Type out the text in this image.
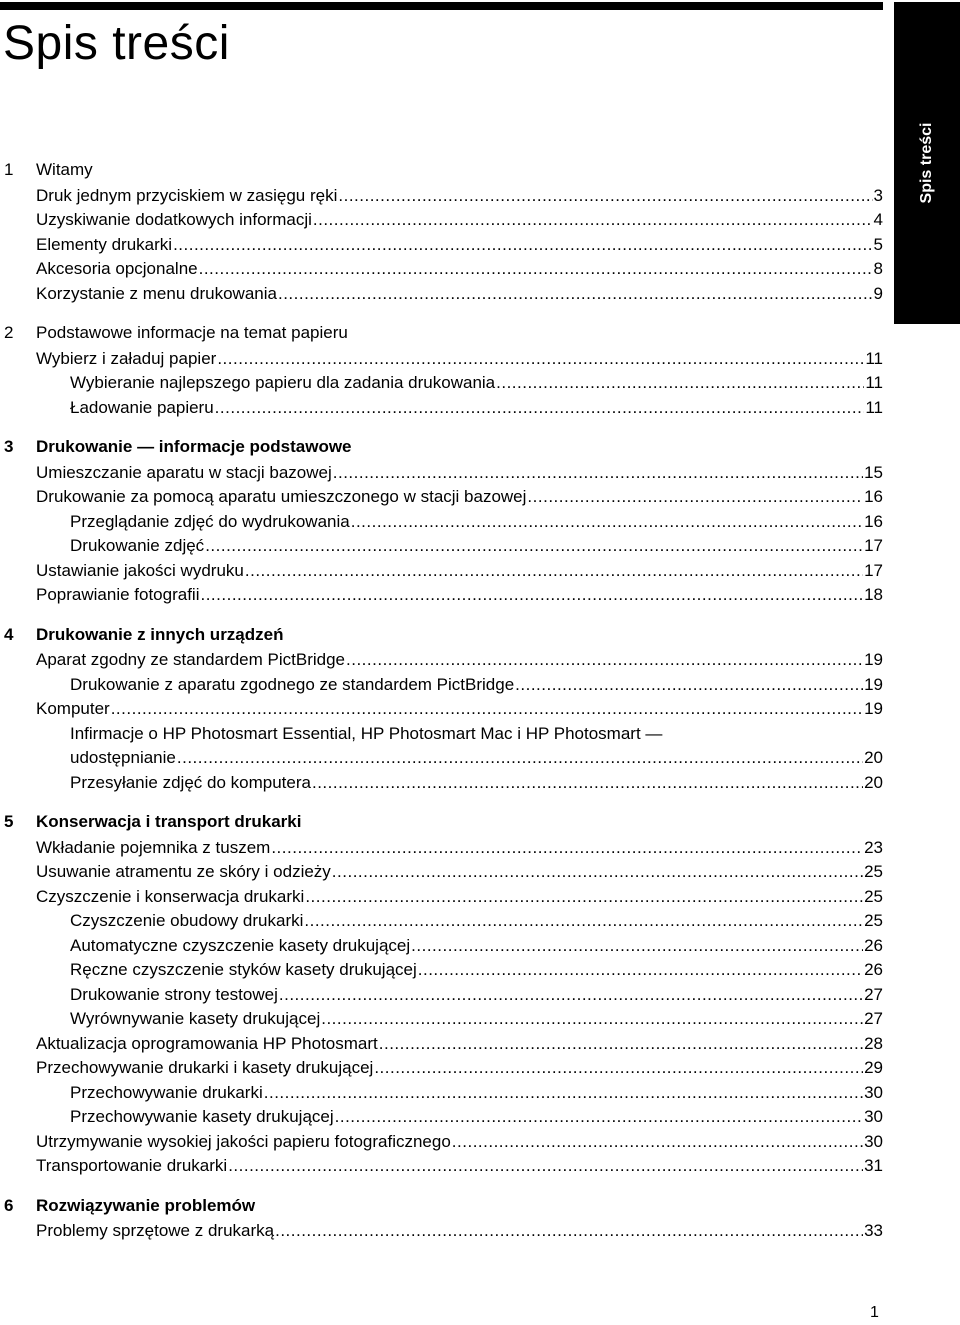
Spis treści
Spis treści
1	Witamy
Druk jednym przyciskiem w zasięgu ręki .....	3
Uzyskiwanie dodatkowych informacji .....	4
Elementy drukarki .....	5
Akcesoria opcjonalne .....	8
Korzystanie z menu drukowania .....	9
2	Podstawowe informacje na temat papieru
Wybierz i załaduj papier .....	11
Wybieranie najlepszego papieru dla zadania drukowania .....	11
Ładowanie papieru .....	11
3	Drukowanie — informacje podstawowe
Umieszczanie aparatu w stacji bazowej .....	15
Drukowanie za pomocą aparatu umieszczonego w stacji bazowej .....	16
Przeglądanie zdjęć do wydrukowania .....	16
Drukowanie zdjęć .....	17
Ustawianie jakości wydruku .....	17
Poprawianie fotografii .....	18
4	Drukowanie z innych urządzeń
Aparat zgodny ze standardem PictBridge .....	19
Drukowanie z aparatu zgodnego ze standardem PictBridge .....	19
Komputer .....	19
Infirmacje o HP Photosmart Essential, HP Photosmart Mac i HP Photosmart —
udostępnianie .....	20
Przesyłanie zdjęć do komputera .....	20
5	Konserwacja i transport drukarki
Wkładanie pojemnika z tuszem .....	23
Usuwanie atramentu ze skóry i odzieży .....	25
Czyszczenie i konserwacja drukarki .....	25
Czyszczenie obudowy drukarki .....	25
Automatyczne czyszczenie kasety drukującej .....	26
Ręczne czyszczenie styków kasety drukującej .....	26
Drukowanie strony testowej .....	27
Wyrównywanie kasety drukującej .....	27
Aktualizacja oprogramowania HP Photosmart .....	28
Przechowywanie drukarki i kasety drukującej .....	29
Przechowywanie drukarki .....	30
Przechowywanie kasety drukującej .....	30
Utrzymywanie wysokiej jakości papieru fotograficznego .....	30
Transportowanie drukarki .....	31
6	Rozwiązywanie problemów
Problemy sprzętowe z drukarką .....	33
1
